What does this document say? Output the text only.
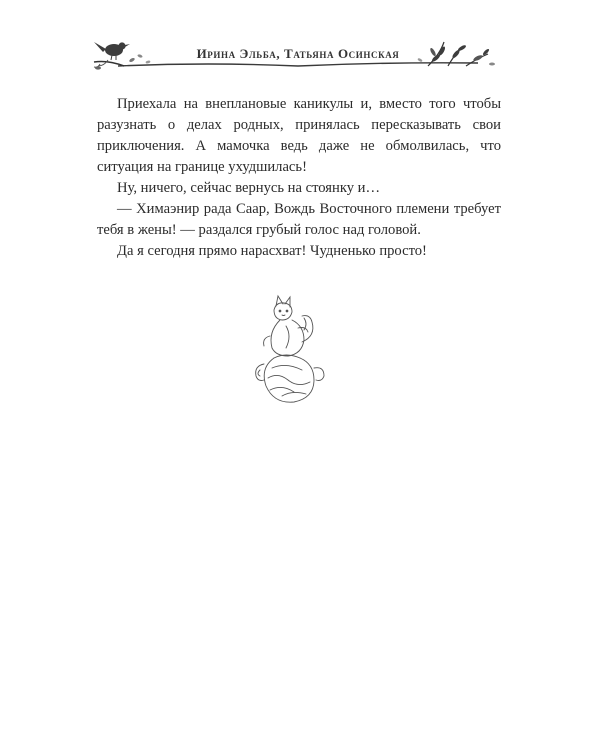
Ирина Эльба, Татьяна Осинская

Приехала на внеплановые каникулы и, вместо того чтобы разузнать о делах родных, принялась пересказывать свои приключения. А мамочка ведь даже не обмолвилась, что ситуация на границе ухудшилась!

Ну, ничего, сейчас вернусь на стоянку и…

— Химаэнир рада Саар, Вождь Восточного племени требует тебя в жены! — раздался грубый голос над головой.

Да я сегодня прямо нарасхват! Чудненько просто!
